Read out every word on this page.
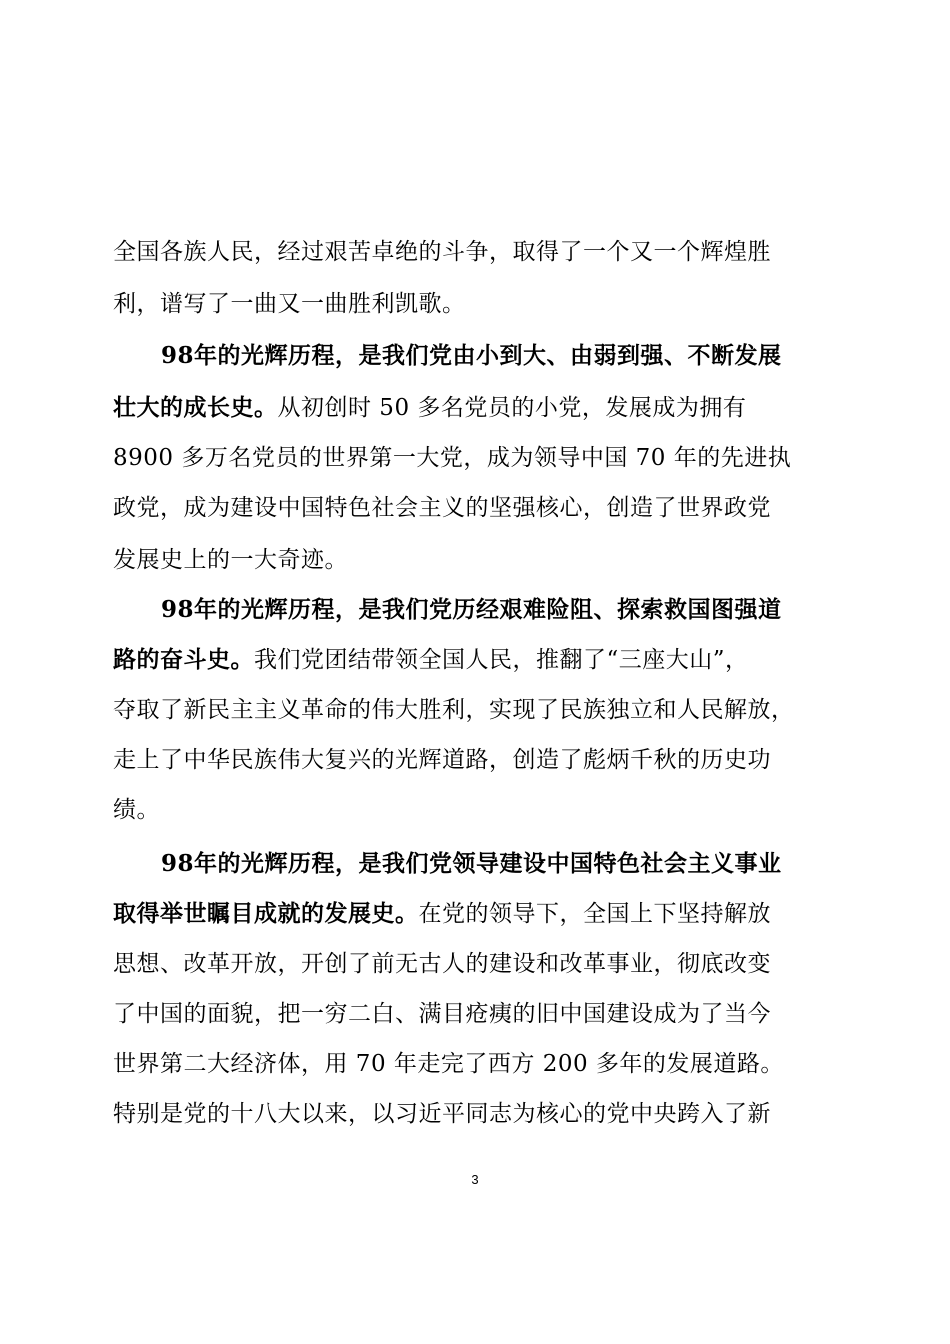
全国各族人民，经过艰苦卓绝的斗争，取得了一个又一个辉煌胜
利，谱写了一曲又一曲胜利凯歌。
98年的光辉历程，是我们党由小到大、由弱到强、不断发展
壮大的成长史。从初创时 50 多名党员的小党，发展成为拥有
8900 多万名党员的世界第一大党，成为领导中国 70 年的先进执
政党，成为建设中国特色社会主义的坚强核心，创造了世界政党
发展史上的一大奇迹。
98年的光辉历程，是我们党历经艰难险阻、探索救国图强道
路的奋斗史。我们党团结带领全国人民，推翻了“三座大山”，
夺取了新民主主义革命的伟大胜利，实现了民族独立和人民解放，
走上了中华民族伟大复兴的光辉道路，创造了彪炳千秋的历史功
绩。
98年的光辉历程，是我们党领导建设中国特色社会主义事业
取得举世瞩目成就的发展史。在党的领导下，全国上下坚持解放
思想、改革开放，开创了前无古人的建设和改革事业，彻底改变
了中国的面貌，把一穷二白、满目疮痍的旧中国建设成为了当今
世界第二大经济体，用 70 年走完了西方 200 多年的发展道路。
特别是党的十八大以来，以习近平同志为核心的党中央跨入了新
3
